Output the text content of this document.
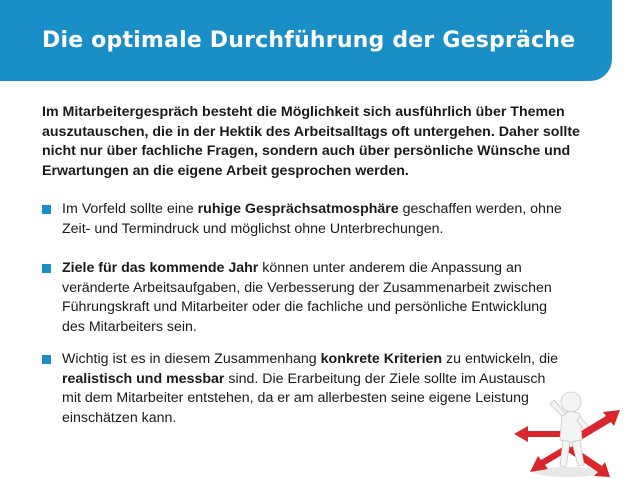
Die optimale Durchführung der Gespräche
Im Mitarbeitergespräch besteht die Möglichkeit sich ausführlich über Themen auszutauschen, die in der Hektik des Arbeitsalltags oft untergehen. Daher sollte nicht nur über fachliche Fragen, sondern auch über persönliche Wünsche und Erwartungen an die eigene Arbeit gesprochen werden.
Im Vorfeld sollte eine ruhige Gesprächsatmosphäre geschaffen werden, ohne Zeit- und Termindruck und möglichst ohne Unterbrechungen.
Ziele für das kommende Jahr können unter anderem die Anpassung an veränderte Arbeitsaufgaben, die Verbesserung der Zusammenarbeit zwischen Führungskraft und Mitarbeiter oder die fachliche und persönliche Entwicklung des Mitarbeiters sein.
Wichtig ist es in diesem Zusammenhang konkrete Kriterien zu entwickeln, die realistisch und messbar sind. Die Erarbeitung der Ziele sollte im Austausch mit dem Mitarbeiter entstehen, da er am allerbesten seine eigene Leistung einschätzen kann.
